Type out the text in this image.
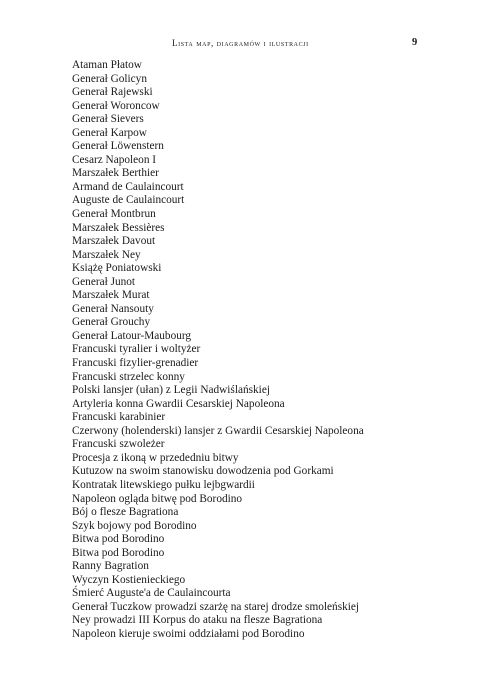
Lista map, diagramów i ilustracji	9
Ataman Płatow
Generał Golicyn
Generał Rajewski
Generał Woroncow
Generał Sievers
Generał Karpow
Generał Löwenstern
Cesarz Napoleon I
Marszałek Berthier
Armand de Caulaincourt
Auguste de Caulaincourt
Generał Montbrun
Marszałek Bessières
Marszałek Davout
Marszałek Ney
Książę Poniatowski
Generał Junot
Marszałek Murat
Generał Nansouty
Generał Grouchy
Generał Latour-Maubourg
Francuski tyralier i woltyżer
Francuski fizylier-grenadier
Francuski strzelec konny
Polski lansjer (ułan) z Legii Nadwiślańskiej
Artyleria konna Gwardii Cesarskiej Napoleona
Francuski karabinier
Czerwony (holenderski) lansjer z Gwardii Cesarskiej Napoleona
Francuski szwoleżer
Procesja z ikoną w przededniu bitwy
Kutuzow na swoim stanowisku dowodzenia pod Gorkami
Kontratak litewskiego pułku lejbgwardii
Napoleon ogląda bitwę pod Borodino
Bój o flesze Bagrationa
Szyk bojowy pod Borodino
Bitwa pod Borodino
Bitwa pod Borodino
Ranny Bagration
Wyczyn Kostienieckiego
Śmierć Auguste'a de Caulaincourta
Generał Tuczkow prowadzi szarżę na starej drodze smoleńskiej
Ney prowadzi III Korpus do ataku na flesze Bagrationa
Napoleon kieruje swoimi oddziałami pod Borodino
